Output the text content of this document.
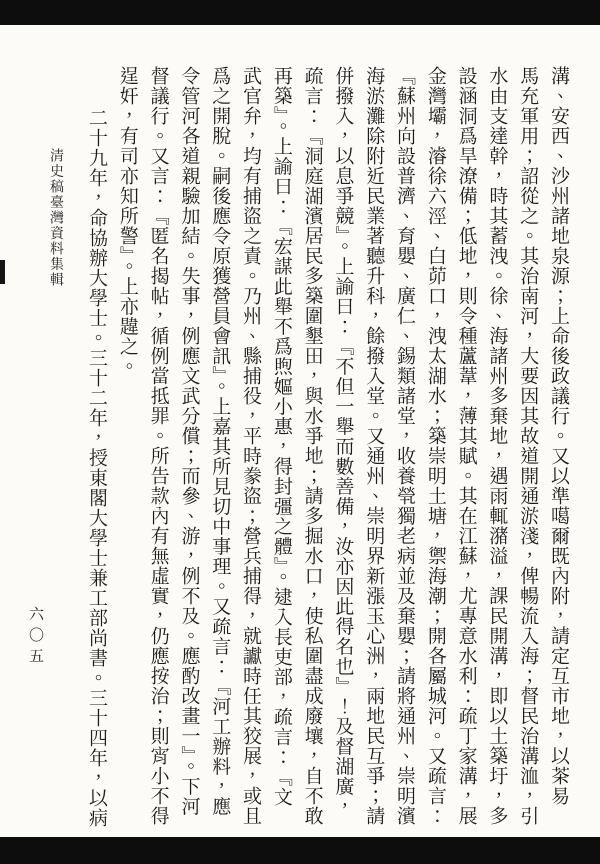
溝、安西、沙州諸地泉源；上命後政議行。又以準噶爾既內附，請定互市地，以茶易

馬充軍用；詔從之。其治南河，大要因其故道開通淤淺，俾暢流入海；督民治溝洫，引

水由支達幹，時其蓄洩。徐、海諸州多棄地，遇雨輒潴溢，課民開溝，即以土築圩，多

設涵洞爲旱潦備；低地，則令種蘆葦，薄其賦。其在江蘇，尤專意水利：疏丁家溝，展

金灣壩，濬徐六涇、白茆口，洩太湖水；築崇明土塘，禦海潮；開各屬城河。又疏言：

『蘇州向設普濟、育嬰、廣仁、錫類諸堂，收養煢獨老病並及棄嬰；請將通州、崇明濱

海淤灘除附近民業著聽升科，餘撥入堂。又通州、崇明界新漲玉心洲，兩地民互爭；請

併撥入，以息爭競』。上諭曰：『不但一舉而數善備，汝亦因此得名也』！及督湖廣，

疏言：『洞庭湖濱居民多築圍墾田，與水爭地；請多掘水口，使私圍盡成廢壤，自不敢

再築』。上諭曰：『宏謀此舉不爲煦嫗小惠，得封彊之體』。逮入長吏部，疏言：『文

武官弁，均有捕盜之責。乃州、縣捕役，平時豢盜；營兵捕得，就讞時任其狡展，或且

爲之開脫。嗣後應令原獲營員會訊』。上嘉其所見切中事理。又疏言：『河工辦料，應

令管河各道親驗加結。失事，例應文武分償；而參、游，例不及。應酌改畫一』。下河

督議行。又言：『匿名揭帖，循例當抵罪。所告款內有無虛實，仍應按治；則宵小不得

逞奸，有司亦知所警』。上亦韙之。

二十九年，命協辦大學士。三十二年，授東閣大學士兼工部尚書。三十四年，以病

清史稿臺灣資料集輯
六〇五
